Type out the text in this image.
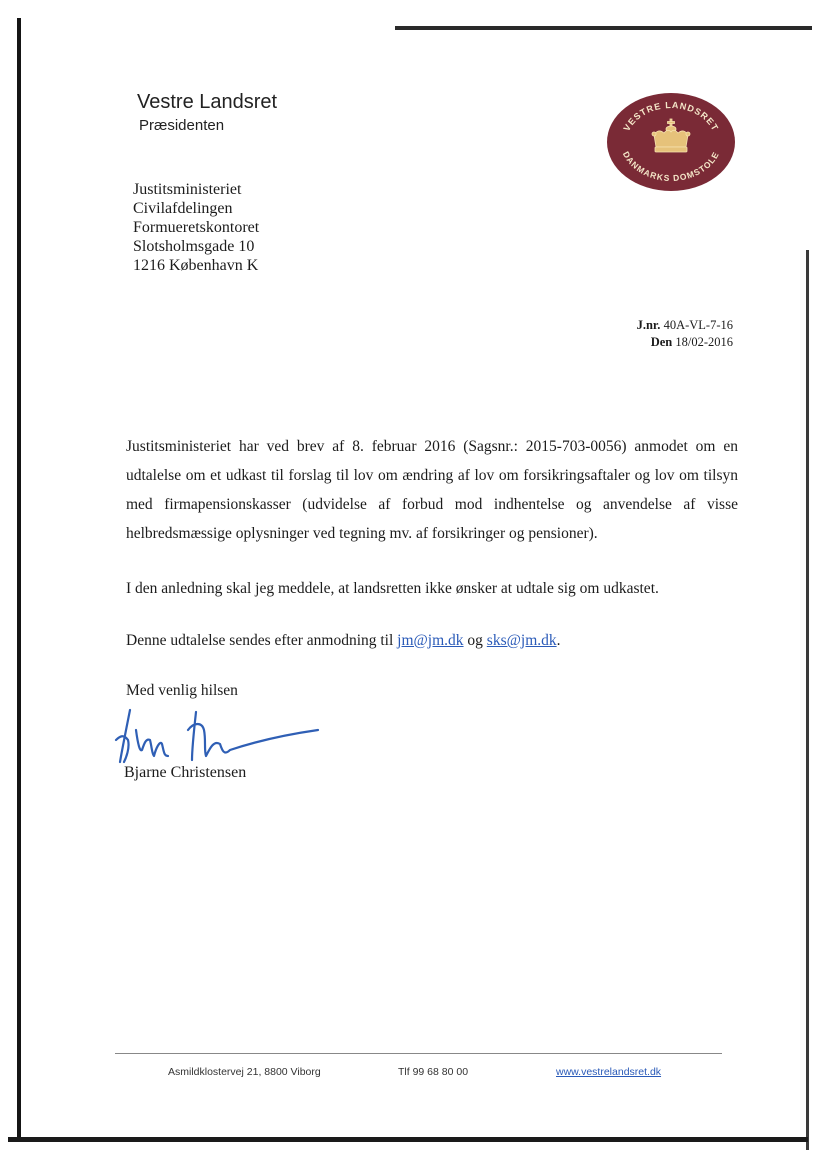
Vestre Landsret
Præsidenten	VESTRE LANDSRET
DANMARKS DOMSTOLE
Justitsministeriet
Civilafdelingen
Formueretskontoret
Slotsholmsgade 10
1216 København K
J.nr. 40A-VL-7-16
Den 18/02-2016

Justitsministeriet har ved brev af 8. februar 2016 (Sagsnr.: 2015-703-0056) anmodet om en udtalelse om et udkast til forslag til lov om ændring af lov om forsikringsaftaler og lov om tilsyn med firmapensionskasser (udvidelse af forbud mod indhentelse og anvendelse af visse helbredsmæssige oplysninger ved tegning mv. af forsikringer og pensioner).

I den anledning skal jeg meddele, at landsretten ikke ønsker at udtale sig om udkastet.

Denne udtalelse sendes efter anmodning til jm@jm.dk og sks@jm.dk.

Med venlig hilsen
Bjarne Christensen
Asmildklostervej 21, 8800 Viborg	Tlf 99 68 80 00	www.vestrelandsret.dk
